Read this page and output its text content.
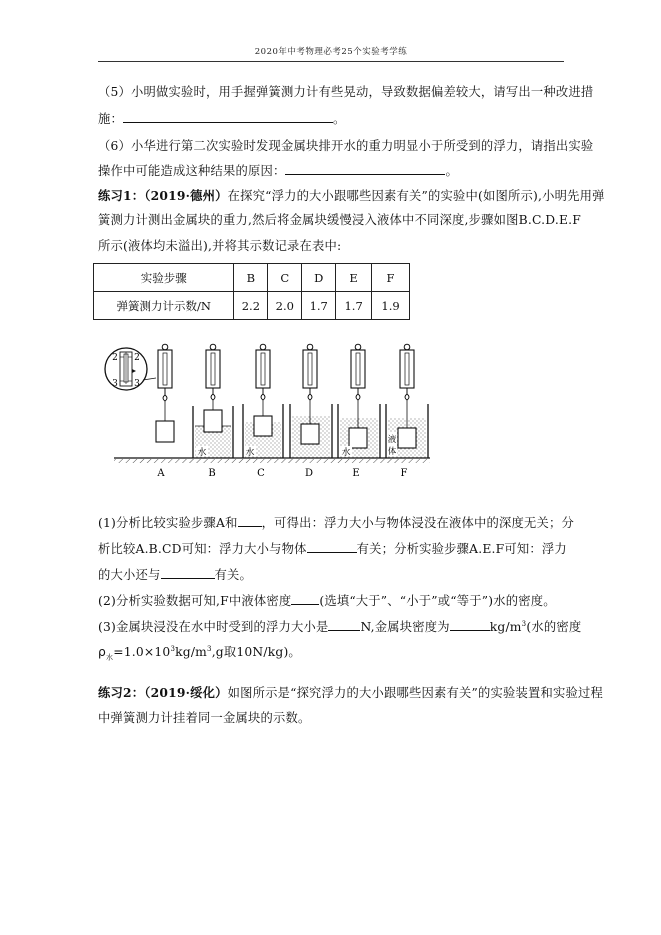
2020年中考物理必考25个实验考学练
（5）小明做实验时，用手握弹簧测力计有些晃动，导致数据偏差较大，请写出一种改进措
施：	。
（6）小华进行第二次实验时发现金属块排开水的重力明显小于所受到的浮力，请指出实验
操作中可能造成这种结果的原因：	。
练习1：（2019·德州）在探究“浮力的大小跟哪些因素有关”的实验中(如图所示),小明先用弹
簧测力计测出金属块的重力,然后将金属块缓慢浸入液体中不同深度,步骤如图B.C.D.E.F
所示(液体均未溢出),并将其示数记录在表中:
实验步骤	B	C	D	E	F
弹簧测力计示数/N	2.2	2.0	1.7	1.7	1.9
2
3
2
3
水	水	水
液
体
A	B	C	D	E	F
(1)分析比较实验步骤A和 ，可得出：浮力大小与物体浸没在液体中的深度无关；分
析比较A.B.CD可知：浮力大小与物体	有关；分析实验步骤A.E.F可知：浮力
的大小还与	有关。
(2)分析实验数据可知,F中液体密度 (选填“大于”、“小于”或“等于”)水的密度。
(3)金属块浸没在水中时受到的浮力大小是	N,金属块密度为	$kg/m^3$(水的密度
$\rho_水=1.0\times 10^3kg/m^3,g$取10N/kg)。
练习2：（2019·绥化）如图所示是“探究浮力的大小跟哪些因素有关”的实验装置和实验过程
中弹簧测力计挂着同一金属块的示数。
